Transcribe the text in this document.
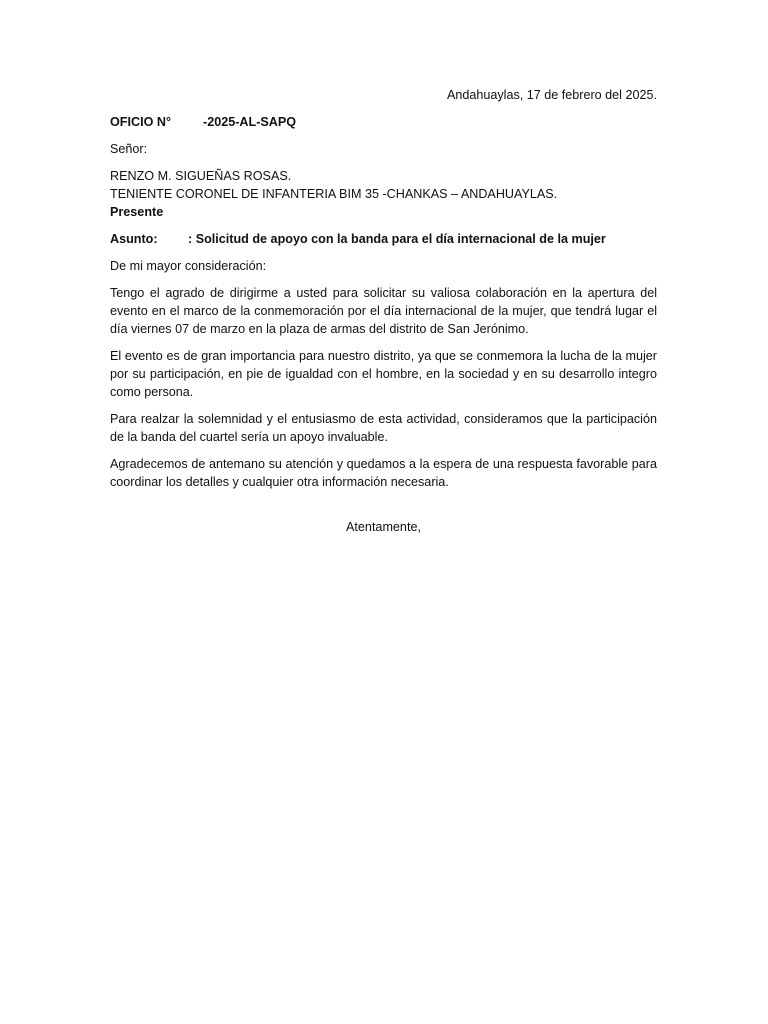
Andahuaylas, 17 de febrero del 2025.
OFICIO N°	-2025-AL-SAPQ
Señor:
RENZO M. SIGUEÑAS ROSAS.
TENIENTE CORONEL DE INFANTERIA BIM 35 -CHANKAS – ANDAHUAYLAS.
Presente
Asunto:	: Solicitud de apoyo con la banda para el día internacional de la mujer
De mi mayor consideración:
Tengo el agrado de dirigirme a usted para solicitar su valiosa colaboración en la apertura del evento en el marco de la conmemoración por el día internacional de la mujer, que tendrá lugar el día viernes 07 de marzo en la plaza de armas del distrito de San Jerónimo.
El evento es de gran importancia para nuestro distrito, ya que se conmemora la lucha de la mujer por su participación, en pie de igualdad con el hombre, en la sociedad y en su desarrollo integro como persona.
Para realzar la solemnidad y el entusiasmo de esta actividad, consideramos que la participación de la banda del cuartel sería un apoyo invaluable.
Agradecemos de antemano su atención y quedamos a la espera de una respuesta favorable para coordinar los detalles y cualquier otra información necesaria.
Atentamente,
